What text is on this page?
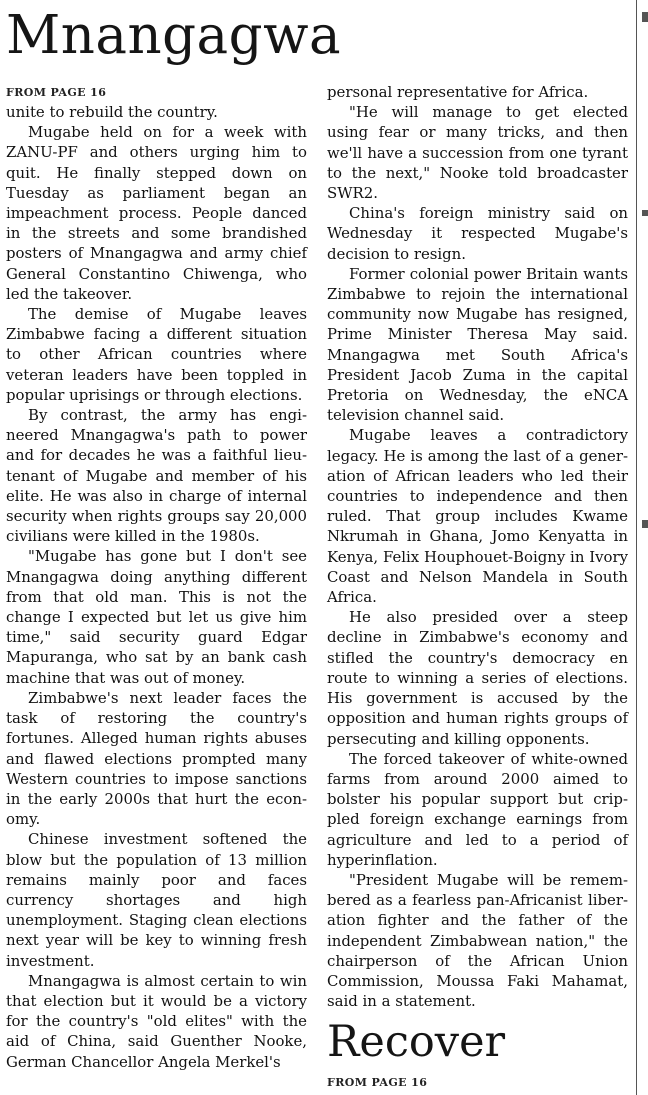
Mnangagwa
FROM PAGE 16

unite to rebuild the country.

Mugabe held on for a week with ZANU-PF and others urging him to quit. He finally stepped down on Tuesday as parliament began an impeachment process. People danced in the streets and some brandished posters of Mnangagwa and army chief General Constantino Chiwenga, who led the takeover.

The demise of Mugabe leaves Zimbabwe facing a different situation to other African countries where veteran leaders have been toppled in popular uprisings or through elections.

By contrast, the army has engineered Mnangagwa's path to power and for decades he was a faithful lieutenant of Mugabe and member of his elite. He was also in charge of internal security when rights groups say 20,000 civilians were killed in the 1980s.

"Mugabe has gone but I don't see Mnangagwa doing anything different from that old man. This is not the change I expected but let us give him time," said security guard Edgar Mapuranga, who sat by an bank cash machine that was out of money.

Zimbabwe's next leader faces the task of restoring the country's fortunes. Alleged human rights abuses and flawed elections prompted many Western countries to impose sanctions in the early 2000s that hurt the economy.

Chinese investment softened the blow but the population of 13 million remains mainly poor and faces currency shortages and high unemployment. Staging clean elections next year will be key to winning fresh investment.

Mnangagwa is almost certain to win that election but it would be a victory for the country's "old elites" with the aid of China, said Guenther Nooke, German Chancellor Angela Merkel's

personal representative for Africa.

"He will manage to get elected using fear or many tricks, and then we'll have a succession from one tyrant to the next," Nooke told broadcaster SWR2.

China's foreign ministry said on Wednesday it respected Mugabe's decision to resign.

Former colonial power Britain wants Zimbabwe to rejoin the international community now Mugabe has resigned, Prime Minister Theresa May said. Mnangagwa met South Africa's President Jacob Zuma in the capital Pretoria on Wednesday, the eNCA television channel said.

Mugabe leaves a contradictory legacy. He is among the last of a generation of African leaders who led their countries to independence and then ruled. That group includes Kwame Nkrumah in Ghana, Jomo Kenyatta in Kenya, Felix Houphouet-Boigny in Ivory Coast and Nelson Mandela in South Africa.

He also presided over a steep decline in Zimbabwe's economy and stifled the country's democracy en route to winning a series of elections. His government is accused by the opposition and human rights groups of persecuting and killing opponents.

The forced takeover of white-owned farms from around 2000 aimed to bolster his popular support but crippled foreign exchange earnings from agriculture and led to a period of hyperinflation.

"President Mugabe will be remembered as a fearless pan-Africanist liberation fighter and the father of the independent Zimbabwean nation," the chairperson of the African Union Commission, Moussa Faki Mahamat, said in a statement.

Recover
FROM PAGE 16
